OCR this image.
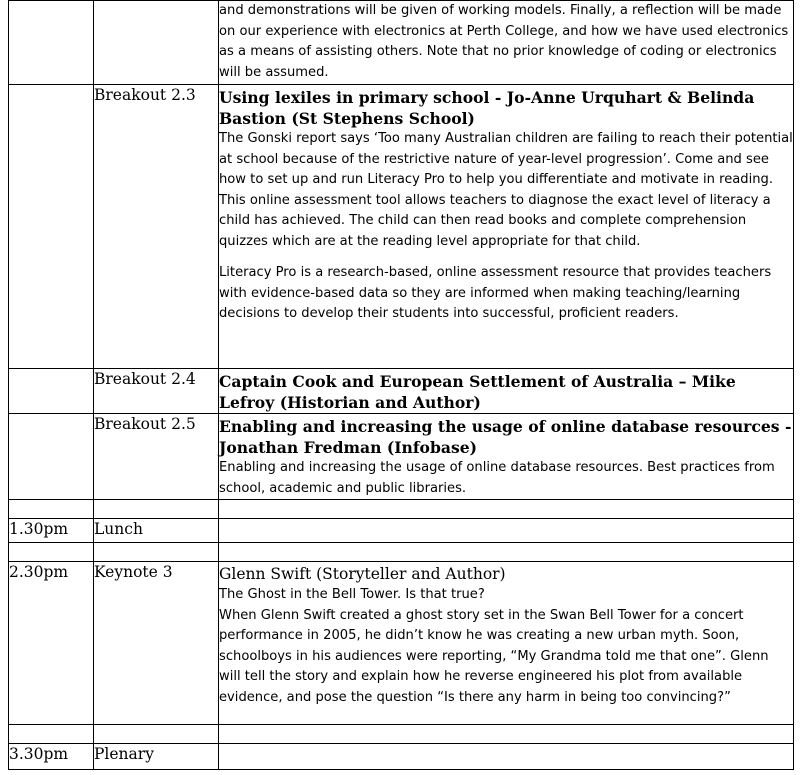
		and demonstrations will be given of working models. Finally, a reflection will be made on our experience with electronics at Perth College, and how we have used electronics as a means of assisting others. Note that no prior knowledge of coding or electronics will be assumed.

	Breakout 2.3	Using lexiles in primary school - Jo-Anne Urquhart & Belinda Bastion (St Stephens School)

The Gonski report says ‘Too many Australian children are failing to reach their potential at school because of the restrictive nature of year-level progression’. Come and see how to set up and run Literacy Pro to help you differentiate and motivate in reading. This online assessment tool allows teachers to diagnose the exact level of literacy a child has achieved. The child can then read books and complete comprehension quizzes which are at the reading level appropriate for that child.

Literacy Pro is a research-based, online assessment resource that provides teachers with evidence-based data so they are informed when making teaching/learning decisions to develop their students into successful, proficient readers.

	Breakout 2.4	Captain Cook and European Settlement of Australia – Mike Lefroy (Historian and Author)

	Breakout 2.5	Enabling and increasing the usage of online database resources - Jonathan Fredman (Infobase)

Enabling and increasing the usage of online database resources. Best practices from school, academic and public libraries.

1.30pm	Lunch	

2.30pm	Keynote 3	Glenn Swift (Storyteller and Author)

The Ghost in the Bell Tower. Is that true?

When Glenn Swift created a ghost story set in the Swan Bell Tower for a concert performance in 2005, he didn’t know he was creating a new urban myth. Soon, schoolboys in his audiences were reporting, “My Grandma told me that one”. Glenn will tell the story and explain how he reverse engineered his plot from available evidence, and pose the question “Is there any harm in being too convincing?”

3.30pm	Plenary	
